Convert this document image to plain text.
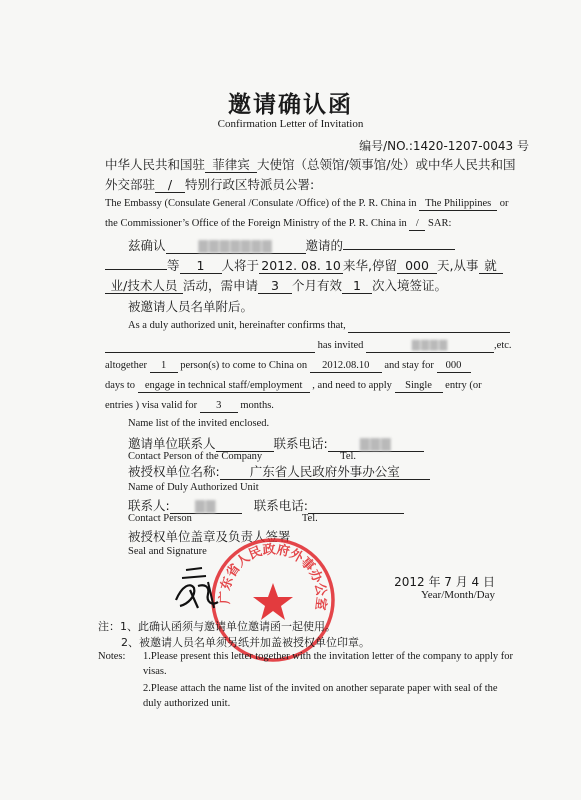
邀请确认函
Confirmation Letter of Invitation
编号/NO.:1420-1207-0043 号
中华人民共和国驻 菲律宾 大使馆（总领馆/领事馆/处）或中华人民共和国
外交部驻 / 特别行政区特派员公署:
The Embassy (Consulate General /Consulate /Office) of the P. R. China in The Philippines or
the Commissioner’s Office of the Foreign Ministry of the P. R. China in / SAR:
兹确认	▇▇▇▇▇▇▇	邀请的
等 1 人将于 2012. 08. 10 来华,停留 000 天,从事 就
业/技术人员 活动，需申请 3 个月有效 1 次入境签证。
被邀请人员名单附后。
As a duly authorized unit, hereinafter confirms that,
has invited	▇▇▇▇	,etc.
altogether 1 person(s) to come to China on 2012.08.10 and stay for 000
days to engage in technical staff/employment , and need to apply Single entry (or
entries ) visa valid for 3 months.
Name list of the invited enclosed.
邀请单位联系人	联系电话:	▇▇▇
Contact Person of the Company	Tel.
被授权单位名称: 广东省人民政府外事办公室
Name of Duly Authorized Unit
联系人: ▇▇	联系电话:
Contact Person	Tel.
被授权单位盖章及负责人签署
Seal and Signature
广东省人民政府外事办公室
2012 年 7 月 4 日
Year/Month/Day
注：1、此确认函须与邀请单位邀请函一起使用。
2、被邀请人员名单须另纸并加盖被授权单位印章。
Notes: 1.Please present this letter together with the invitation letter of the company to apply for
visas.
2.Please attach the name list of the invited on another separate paper with seal of the
duly authorized unit.
